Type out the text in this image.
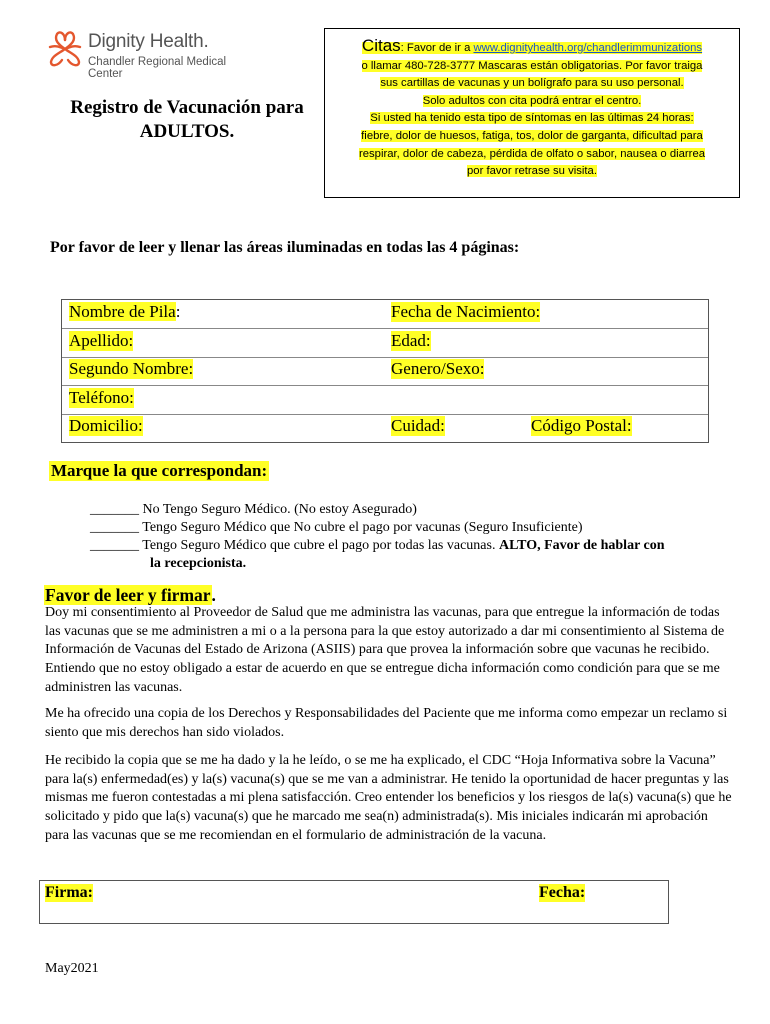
Dignity Health.
Chandler Regional Medical Center
Registro de Vacunación para
ADULTOS.
Citas: Favor de ir a www.dignityhealth.org/chandlerimmunizations
o llamar 480-728-3777 Mascaras están obligatorias. Por favor traiga
sus cartillas de vacunas y un bolígrafo para su uso personal.
Solo adultos con cita podrá entrar el centro.
Si usted ha tenido esta tipo de síntomas en las últimas 24 horas:
fiebre, dolor de huesos, fatiga, tos, dolor de garganta, dificultad para
respirar, dolor de cabeza, pérdida de olfato o sabor, nausea o diarrea
por favor retrase su visita.
Por favor de leer y llenar las áreas iluminadas en todas las 4 páginas:
Nombre de Pila:	Fecha de Nacimiento:
Apellido:	Edad:
Segundo Nombre:	Genero/Sexo:
Teléfono:
Domicilio:	Cuidad:	Código Postal:
Marque la que correspondan:
_______ No Tengo Seguro Médico. (No estoy Asegurado)
_______ Tengo Seguro Médico que No cubre el pago por vacunas (Seguro Insuficiente)
_______ Tengo Seguro Médico que cubre el pago por todas las vacunas. ALTO, Favor de hablar con
la recepcionista.
Favor de leer y firmar.
Doy mi consentimiento al Proveedor de Salud que me administra las vacunas, para que entregue la información de todas las vacunas que se me administren a mi o a la persona para la que estoy autorizado a dar mi consentimiento al Sistema de Información de Vacunas del Estado de Arizona (ASIIS) para que provea la información sobre que vacunas he recibido. Entiendo que no estoy obligado a estar de acuerdo en que se entregue dicha información como condición para que se me administren las vacunas.
Me ha ofrecido una copia de los Derechos y Responsabilidades del Paciente que me informa como empezar un reclamo si siento que mis derechos han sido violados.
He recibido la copia que se me ha dado y la he leído, o se me ha explicado, el CDC “Hoja Informativa sobre la Vacuna” para la(s) enfermedad(es) y la(s) vacuna(s) que se me van a administrar. He tenido la oportunidad de hacer preguntas y las mismas me fueron contestadas a mi plena satisfacción. Creo entender los beneficios y los riesgos de la(s) vacuna(s) que he solicitado y pido que la(s) vacuna(s) que he marcado me sea(n) administrada(s). Mis iniciales indicarán mi aprobación para las vacunas que se me recomiendan en el formulario de administración de la vacuna.
Firma:	Fecha:
May2021
